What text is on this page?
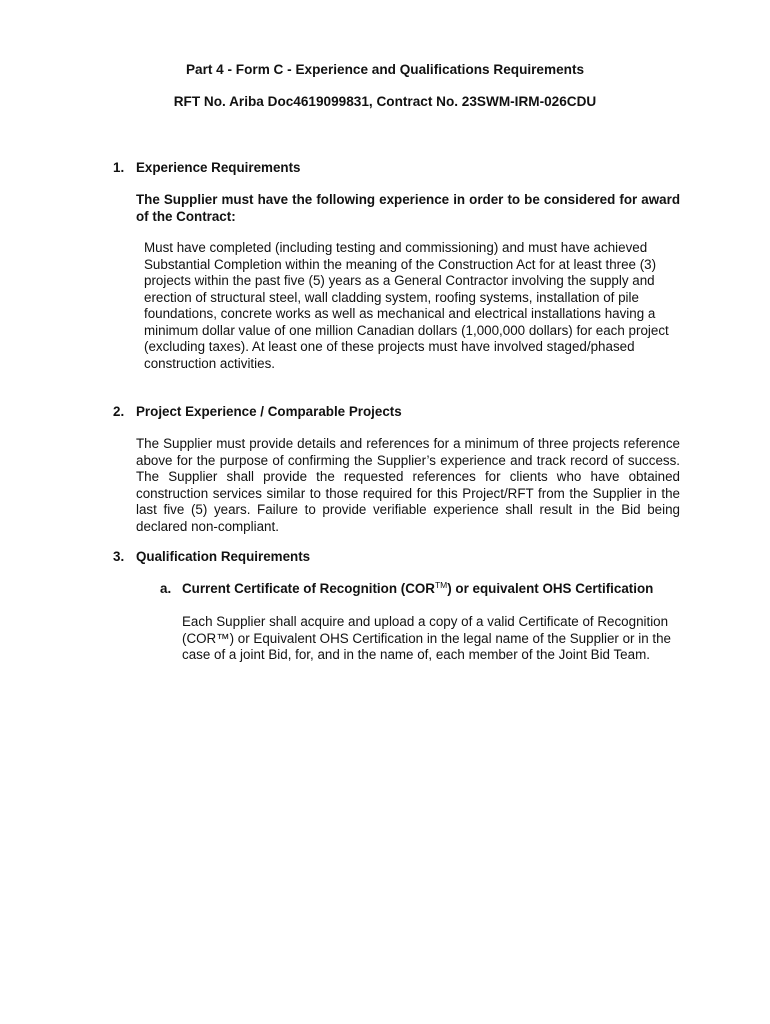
Part 4 - Form C - Experience and Qualifications Requirements
RFT No. Ariba Doc4619099831, Contract No. 23SWM-IRM-026CDU
1. Experience Requirements
The Supplier must have the following experience in order to be considered for award of the Contract:
Must have completed (including testing and commissioning) and must have achieved Substantial Completion within the meaning of the Construction Act for at least three (3) projects within the past five (5) years as a General Contractor involving the supply and erection of structural steel, wall cladding system, roofing systems, installation of pile foundations, concrete works as well as mechanical and electrical installations having a minimum dollar value of one million Canadian dollars (1,000,000 dollars) for each project (excluding taxes). At least one of these projects must have involved staged/phased construction activities.
2. Project Experience / Comparable Projects
The Supplier must provide details and references for a minimum of three projects reference above for the purpose of confirming the Supplier’s experience and track record of success. The Supplier shall provide the requested references for clients who have obtained construction services similar to those required for this Project/RFT from the Supplier in the last five (5) years. Failure to provide verifiable experience shall result in the Bid being declared non-compliant.
3. Qualification Requirements
a. Current Certificate of Recognition (COR™) or equivalent OHS Certification
Each Supplier shall acquire and upload a copy of a valid Certificate of Recognition (COR™) or Equivalent OHS Certification in the legal name of the Supplier or in the case of a joint Bid, for, and in the name of, each member of the Joint Bid Team.
